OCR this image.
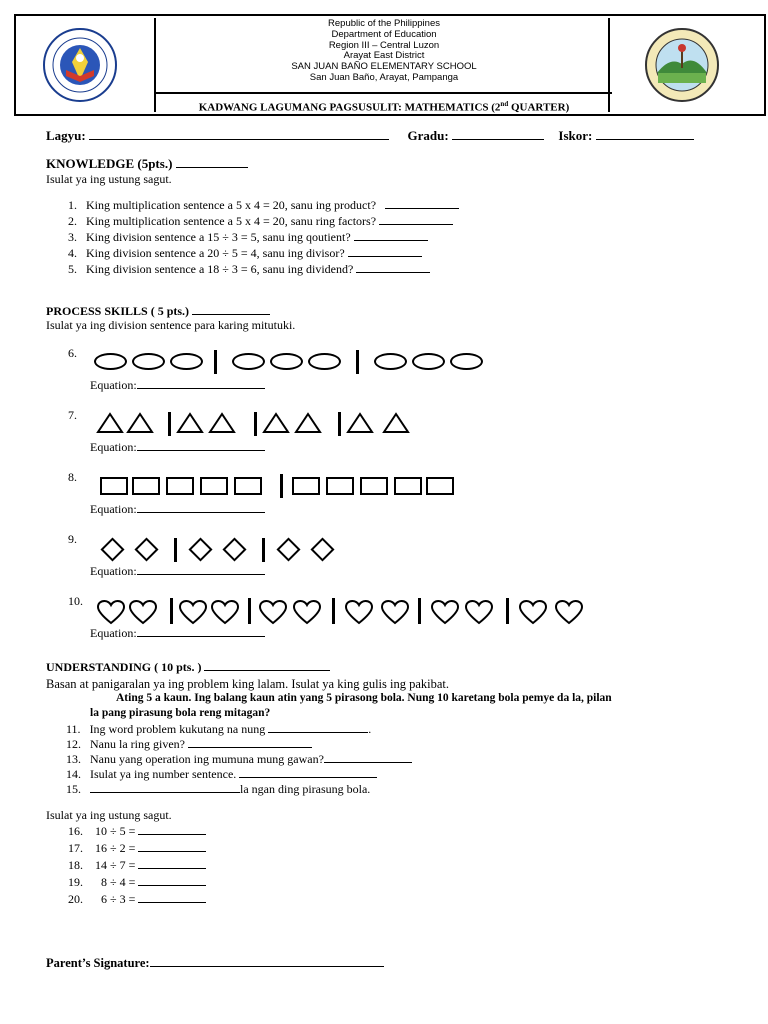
Republic of the Philippines
Department of Education
Region III – Central Luzon
Arayat East District
SAN JUAN BAÑO ELEMENTARY SCHOOL
San Juan Baño, Arayat, Pampanga
KADWANG LAGUMANG PAGSUSULIT: MATHEMATICS (2nd QUARTER)
Lagyu:	Gradu:	Iskor:
KNOWLEDGE (5pts.)
Isulat ya ing ustung sagut.
1. King multiplication sentence a 5 x 4 = 20, sanu ing product?
2. King multiplication sentence a 5 x 4 = 20, sanu ring factors?
3. King division sentence a 15 ÷ 3 = 5, sanu ing qoutient?
4. King division sentence a 20 ÷ 5 = 4, sanu ing divisor?
5. King division sentence a 18 ÷ 3 = 6, sanu ing dividend?
PROCESS SKILLS ( 5 pts.)
Isulat ya ing division sentence para karing mitutuki.
6.
Equation:
7.
Equation:
8.
Equation:
9.
Equation:
10.
Equation:
UNDERSTANDING ( 10 pts. )
Basan at panigaralan ya ing problem king lalam. Isulat ya king gulis ing pakibat.
Ating 5 a kaun. Ing balang kaun atin yang 5 pirasong bola. Nung 10 karetang bola pemye da la, pilan
la pang pirasung bola reng mitagan?
11. Ing word problem kukutang na nung	.
12. Nanu la ring given?
13. Nanu yang operation ing mumuna mung gawan?
14. Isulat ya ing number sentence.
15.	la ngan ding pirasung bola.
Isulat ya ing ustung sagut.
16. 10 ÷ 5 =
17. 16 ÷ 2 =
18. 14 ÷ 7 =
19. 8 ÷ 4 =
20. 6 ÷ 3 =
Parent’s Signature:
